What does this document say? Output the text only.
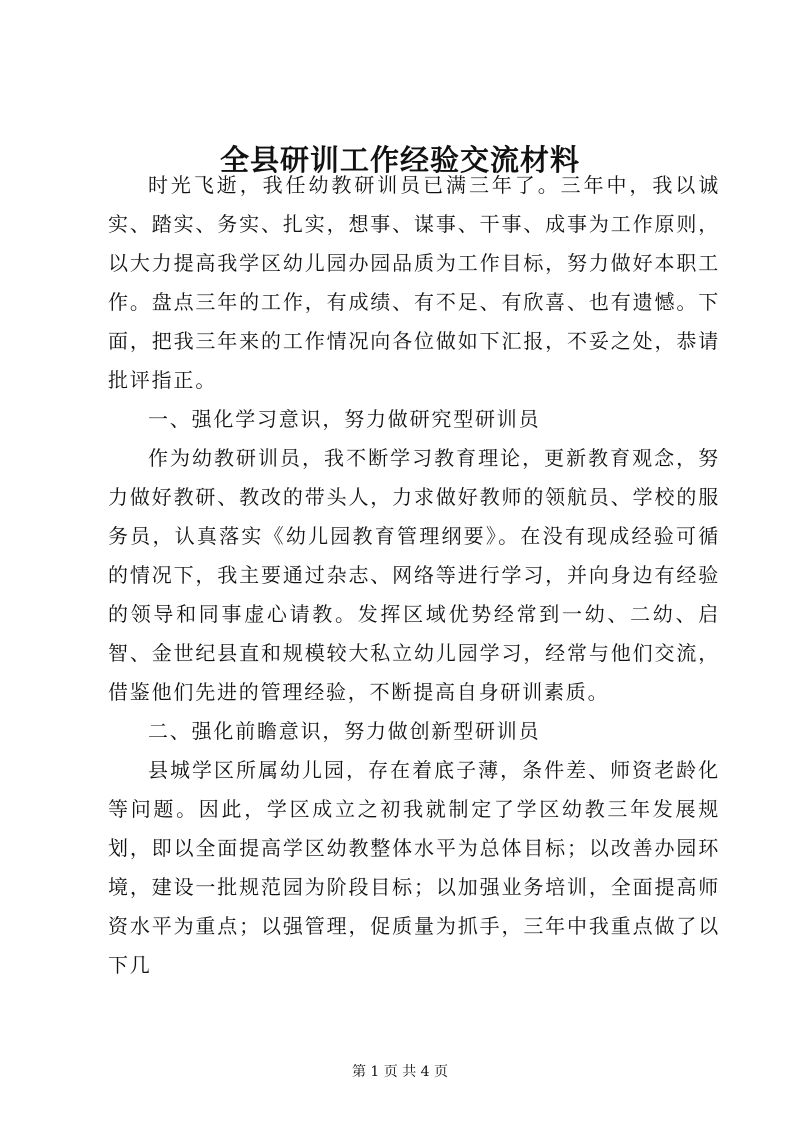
全县研训工作经验交流材料

时光飞逝，我任幼教研训员已满三年了。三年中，我以诚实、踏实、务实、扎实，想事、谋事、干事、成事为工作原则，以大力提高我学区幼儿园办园品质为工作目标，努力做好本职工作。盘点三年的工作，有成绩、有不足、有欣喜、也有遗憾。下面，把我三年来的工作情况向各位做如下汇报，不妥之处，恭请批评指正。

一、强化学习意识，努力做研究型研训员

作为幼教研训员，我不断学习教育理论，更新教育观念，努力做好教研、教改的带头人，力求做好教师的领航员、学校的服务员，认真落实《幼儿园教育管理纲要》。在没有现成经验可循的情况下，我主要通过杂志、网络等进行学习，并向身边有经验的领导和同事虚心请教。发挥区域优势经常到一幼、二幼、启智、金世纪县直和规模较大私立幼儿园学习，经常与他们交流，借鉴他们先进的管理经验，不断提高自身研训素质。

二、强化前瞻意识，努力做创新型研训员

县城学区所属幼儿园，存在着底子薄，条件差、师资老龄化等问题。因此，学区成立之初我就制定了学区幼教三年发展规划，即以全面提高学区幼教整体水平为总体目标；以改善办园环境，建设一批规范园为阶段目标；以加强业务培训，全面提高师资水平为重点；以强管理，促质量为抓手，三年中我重点做了以下几

第 1 页 共 4 页
